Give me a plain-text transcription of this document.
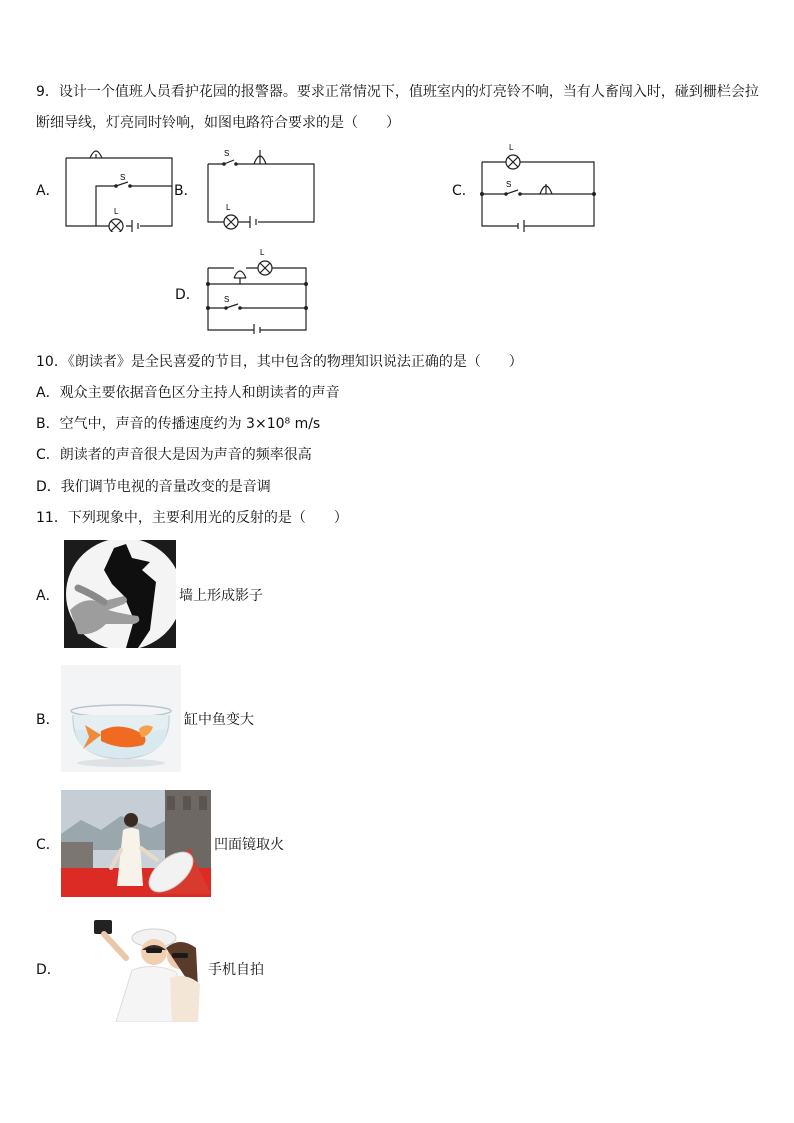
9．设计一个值班人员看护花园的报警器。要求正常情况下，值班室内的灯亮铃不响，当有人畜闯入时，碰到栅栏会拉
断细导线，灯亮同时铃响，如图电路符合要求的是（　　）
A．	B．	C．
D．
S
L
S
L
L
S
L
S
10．《朗读者》是全民喜爱的节目，其中包含的物理知识说法正确的是（　　）
A．观众主要依据音色区分主持人和朗读者的声音
B．空气中，声音的传播速度约为 3×10⁸ m/s
C．朗读者的声音很大是因为声音的频率很高
D．我们调节电视的音量改变的是音调
11．下列现象中，主要利用光的反射的是（　　）
A．	墙上形成影子
B．	缸中鱼变大
C．	凹面镜取火
D．	手机自拍
